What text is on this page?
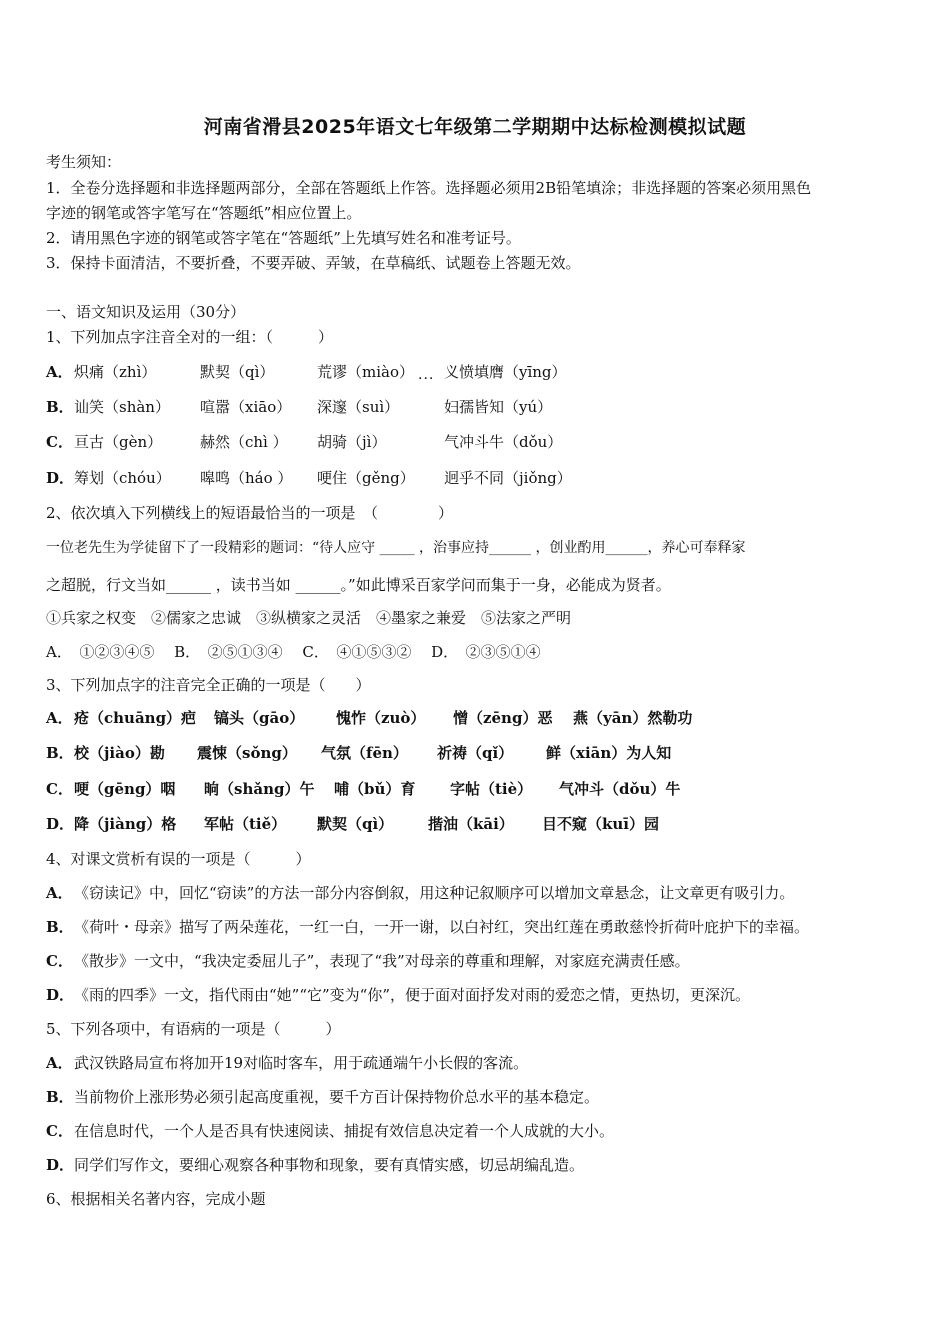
河南省滑县2025年语文七年级第二学期期中达标检测模拟试题
考生须知：
1．全卷分选择题和非选择题两部分，全部在答题纸上作答。选择题必须用2B铅笔填涂；非选择题的答案必须用黑色
字迹的钢笔或答字笔写在“答题纸”相应位置上。
2．请用黑色字迹的钢笔或答字笔在“答题纸”上先填写姓名和准考证号。
3．保持卡面清洁，不要折叠，不要弄破、弄皱，在草稿纸、试题卷上答题无效。
一、语文知识及运用（30分）
1、下列加点字注音全对的一组：（　　　）
...
A． 炽痛（zhì）	默契（qì）	荒谬（miào） 义愤填膺（yīng）
B． 讪笑（shàn） 喧嚣（xiāo） 深邃（suì）	妇孺皆知（yú）
C． 亘古（gèn）	赫然（chì ） 胡骑（jì）	气冲斗牛（dǒu）
D． 筹划（chóu） 嗥鸣（háo ） 哽住（gěng） 迥乎不同（jiǒng）
2、依次填入下列横线上的短语最恰当的一项是　（　　　　）
一位老先生为学徒留下了一段精彩的题词：“待人应守 _____ ，治事应持______ ，创业酌用______，养心可奉释家
之超脱，行文当如______ ，读书当如 ______。”如此博采百家学问而集于一身，必能成为贤者。
①兵家之权变　②儒家之忠诚　③纵横家之灵活　④墨家之兼爱　⑤法家之严明
A．　①②③④⑤　 B．　②⑤①③④　 C．　④①⑤③②　 D．　②③⑤①④
3、下列加点字的注音完全正确的一项是（　　）
A． 疮（chuāng）疤 镐头（gāo） 愧怍（zuò） 憎（zēng）恶 燕（yān）然勒功
B． 校（jiào）勘 震悚（sǒng） 气氛（fēn） 祈祷（qǐ） 鲜（xiān）为人知
C． 哽（gēng）咽 晌（shǎng）午 哺（bǔ）育 字帖（tiè） 气冲斗（dǒu）牛
D． 降（jiàng）格 军帖（tiě） 默契（qì） 揩油（kāi） 目不窥（kuī）园
4、对课文赏析有误的一项是（　　　）
A． 《窃读记》中，回忆“窃读”的方法一部分内容倒叙，用这种记叙顺序可以增加文章悬念，让文章更有吸引力。
B． 《荷叶・母亲》描写了两朵莲花，一红一白，一开一谢，以白衬红，突出红莲在勇敢慈怜折荷叶庇护下的幸福。
C． 《散步》一文中，“我决定委屈儿子”，表现了“我”对母亲的尊重和理解，对家庭充满责任感。
D． 《雨的四季》一文，指代雨由“她”“它”变为“你”，便于面对面抒发对雨的爱恋之情，更热切，更深沉。
5、下列各项中，有语病的一项是（　　　）
A． 武汉铁路局宣布将加开19对临时客车，用于疏通端午小长假的客流。
B． 当前物价上涨形势必须引起高度重视，要千方百计保持物价总水平的基本稳定。
C． 在信息时代，一个人是否具有快速阅读、捕捉有效信息决定着一个人成就的大小。
D． 同学们写作文，要细心观察各种事物和现象，要有真情实感，切忌胡编乱造。
6、根据相关名著内容，完成小题
